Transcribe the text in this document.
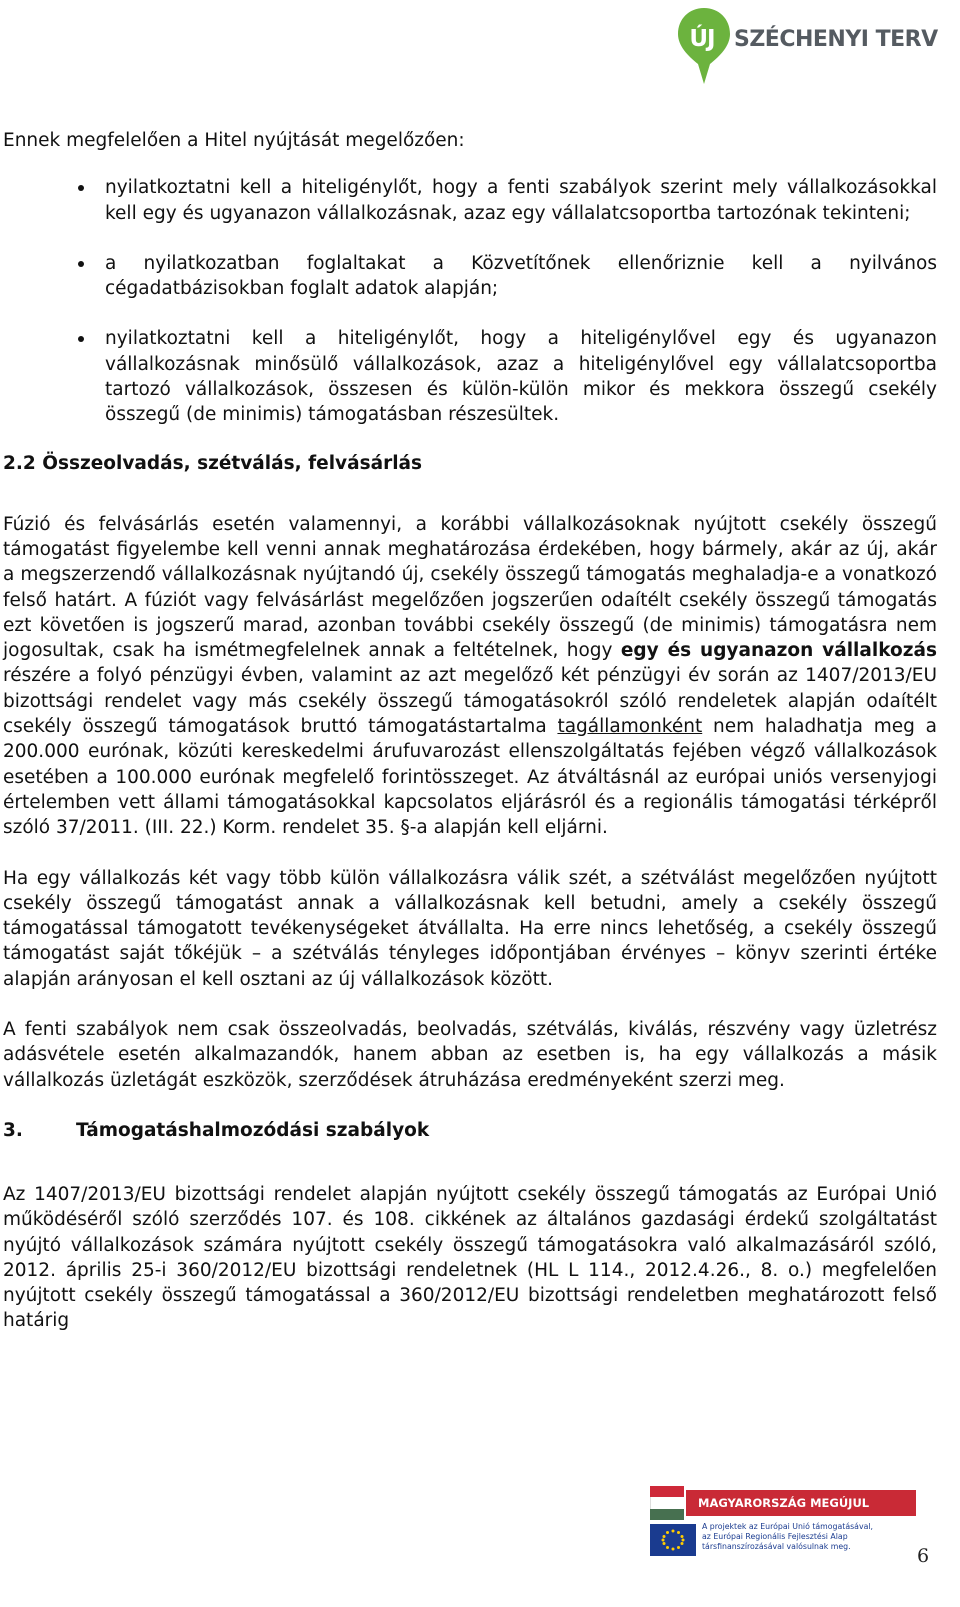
ÚJ SZÉCHENYI TERV

Ennek megfelelően a Hitel nyújtását megelőzően:

nyilatkoztatni kell a hiteligénylőt, hogy a fenti szabályok szerint mely vállalkozásokkal kell egy és ugyanazon vállalkozásnak, azaz egy vállalatcsoportba tartozónak tekinteni;
a nyilatkozatban foglaltakat a Közvetítőnek ellenőriznie kell a nyilvános cégadatbázisokban foglalt adatok alapján;
nyilatkoztatni kell a hiteligénylőt, hogy a hiteligénylővel egy és ugyanazon vállalkozásnak minősülő vállalkozások, azaz a hiteligénylővel egy vállalatcsoportba tartozó vállalkozások, összesen és külön-külön mikor és mekkora összegű csekély összegű (de minimis) támogatásban részesültek.
2.2 Összeolvadás, szétválás, felvásárlás

Fúzió és felvásárlás esetén valamennyi, a korábbi vállalkozásoknak nyújtott csekély összegű támogatást figyelembe kell venni annak meghatározása érdekében, hogy bármely, akár az új, akár a megszerzendő vállalkozásnak nyújtandó új, csekély összegű támogatás meghaladja-e a vonatkozó felső határt. A fúziót vagy felvásárlást megelőzően jogszerűen odaítélt csekély összegű támogatás ezt követően is jogszerű marad, azonban további csekély összegű (de minimis) támogatásra nem jogosultak, csak ha ismétmegfelelnek annak a feltételnek, hogy egy és ugyanazon vállalkozás részére a folyó pénzügyi évben, valamint az azt megelőző két pénzügyi év során az 1407/2013/EU bizottsági rendelet vagy más csekély összegű támogatásokról szóló rendeletek alapján odaítélt csekély összegű támogatások bruttó támogatástartalma tagállamonként nem haladhatja meg a 200.000 eurónak, közúti kereskedelmi árufuvarozást ellenszolgáltatás fejében végző vállalkozások esetében a 100.000 eurónak megfelelő forintösszeget. Az átváltásnál az európai uniós versenyjogi értelemben vett állami támogatásokkal kapcsolatos eljárásról és a regionális támogatási térképről szóló 37/2011. (III. 22.) Korm. rendelet 35. §-a alapján kell eljárni.

Ha egy vállalkozás két vagy több külön vállalkozásra válik szét, a szétválást megelőzően nyújtott csekély összegű támogatást annak a vállalkozásnak kell betudni, amely a csekély összegű támogatással támogatott tevékenységeket átvállalta. Ha erre nincs lehetőség, a csekély összegű támogatást saját tőkéjük – a szétválás tényleges időpontjában érvényes – könyv szerinti értéke alapján arányosan el kell osztani az új vállalkozások között.

A fenti szabályok nem csak összeolvadás, beolvadás, szétválás, kiválás, részvény vagy üzletrész adásvétele esetén alkalmazandók, hanem abban az esetben is, ha egy vállalkozás a másik vállalkozás üzletágát eszközök, szerződések átruházása eredményeként szerzi meg.

3.	Támogatáshalmozódási szabályok

Az 1407/2013/EU bizottsági rendelet alapján nyújtott csekély összegű támogatás az Európai Unió működéséről szóló szerződés 107. és 108. cikkének az általános gazdasági érdekű szolgáltatást nyújtó vállalkozások számára nyújtott csekély összegű támogatásokra való alkalmazásáról szóló, 2012. április 25-i 360/2012/EU bizottsági rendeletnek (HL L 114., 2012.4.26., 8. o.) megfelelően nyújtott csekély összegű támogatással a 360/2012/EU bizottsági rendeletben meghatározott felső határig

MAGYARORSZÁG MEGÚJUL
A projektek az Európai Unió támogatásával,
az Európai Regionális Fejlesztési Alap
társfinanszírozásával valósulnak meg.	6
